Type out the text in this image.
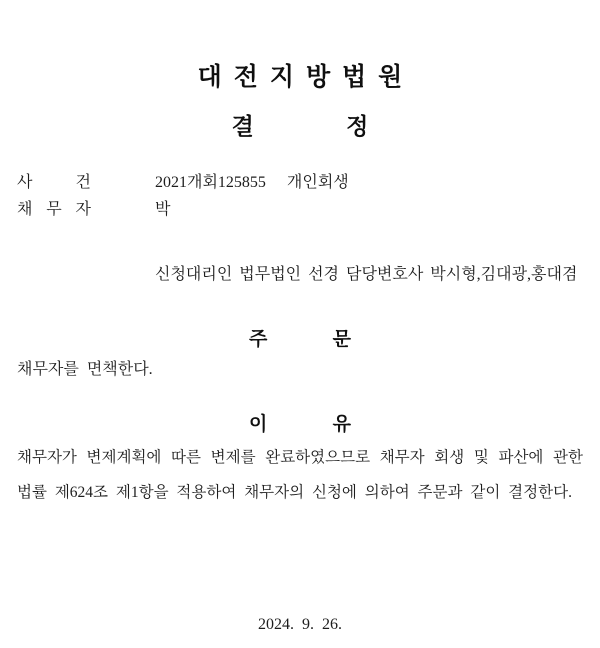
대 전 지 방 법 원
결 정
사 건	2021개회125855 개인회생
채 무 자	박
신청대리인 법무법인 선경 담당변호사 박시형,김대광,홍대겸
주 문
채무자를 면책한다.
이 유
채무자가 변제계획에 따른 변제를 완료하였으므로 채무자 회생 및 파산에 관한 법률 제624조 제1항을 적용하여 채무자의 신청에 의하여 주문과 같이 결정한다.
2024. 9. 26.
